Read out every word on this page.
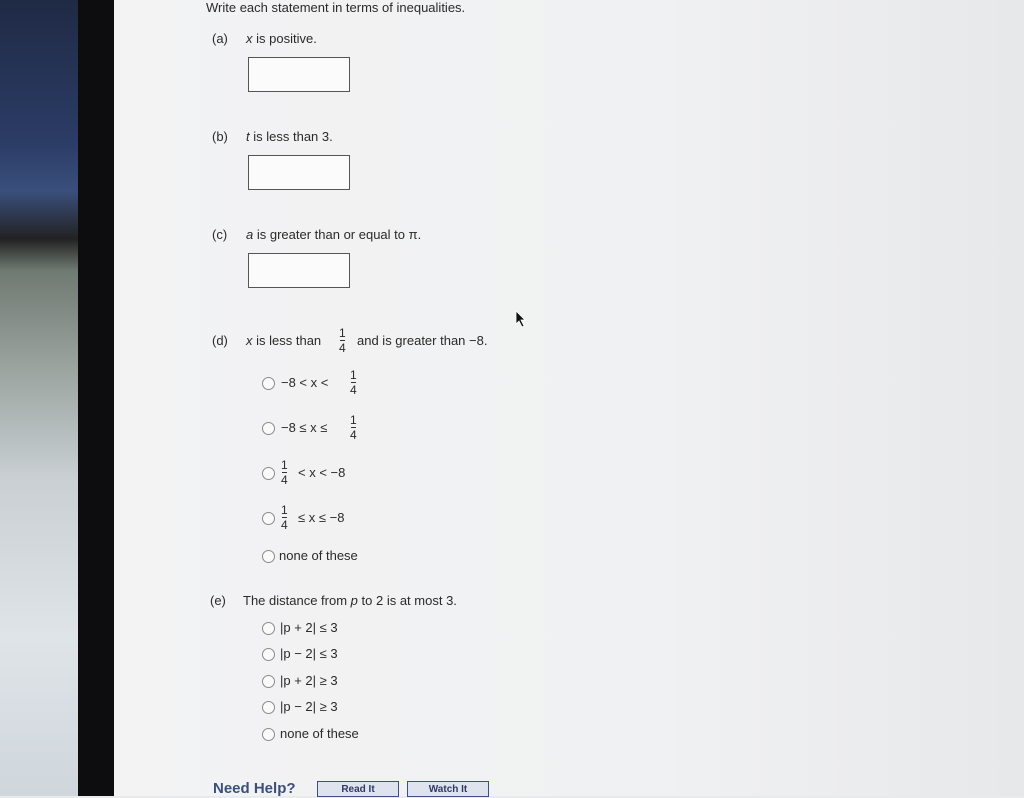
Write each statement in terms of inequalities.
(a) x is positive.
(b) t is less than 3.
(c) a is greater than or equal to π.
(d) x is less than 1
4 and is greater than −8.
−8 < x < 1
4
−8 ≤ x ≤ 1
4
1
4 < x < −8
1
4 ≤ x ≤ −8
none of these
(e) The distance from p to 2 is at most 3.
|p + 2| ≤ 3
|p − 2| ≤ 3
|p + 2| ≥ 3
|p − 2| ≥ 3
none of these
Need Help?	Read It	Watch It
